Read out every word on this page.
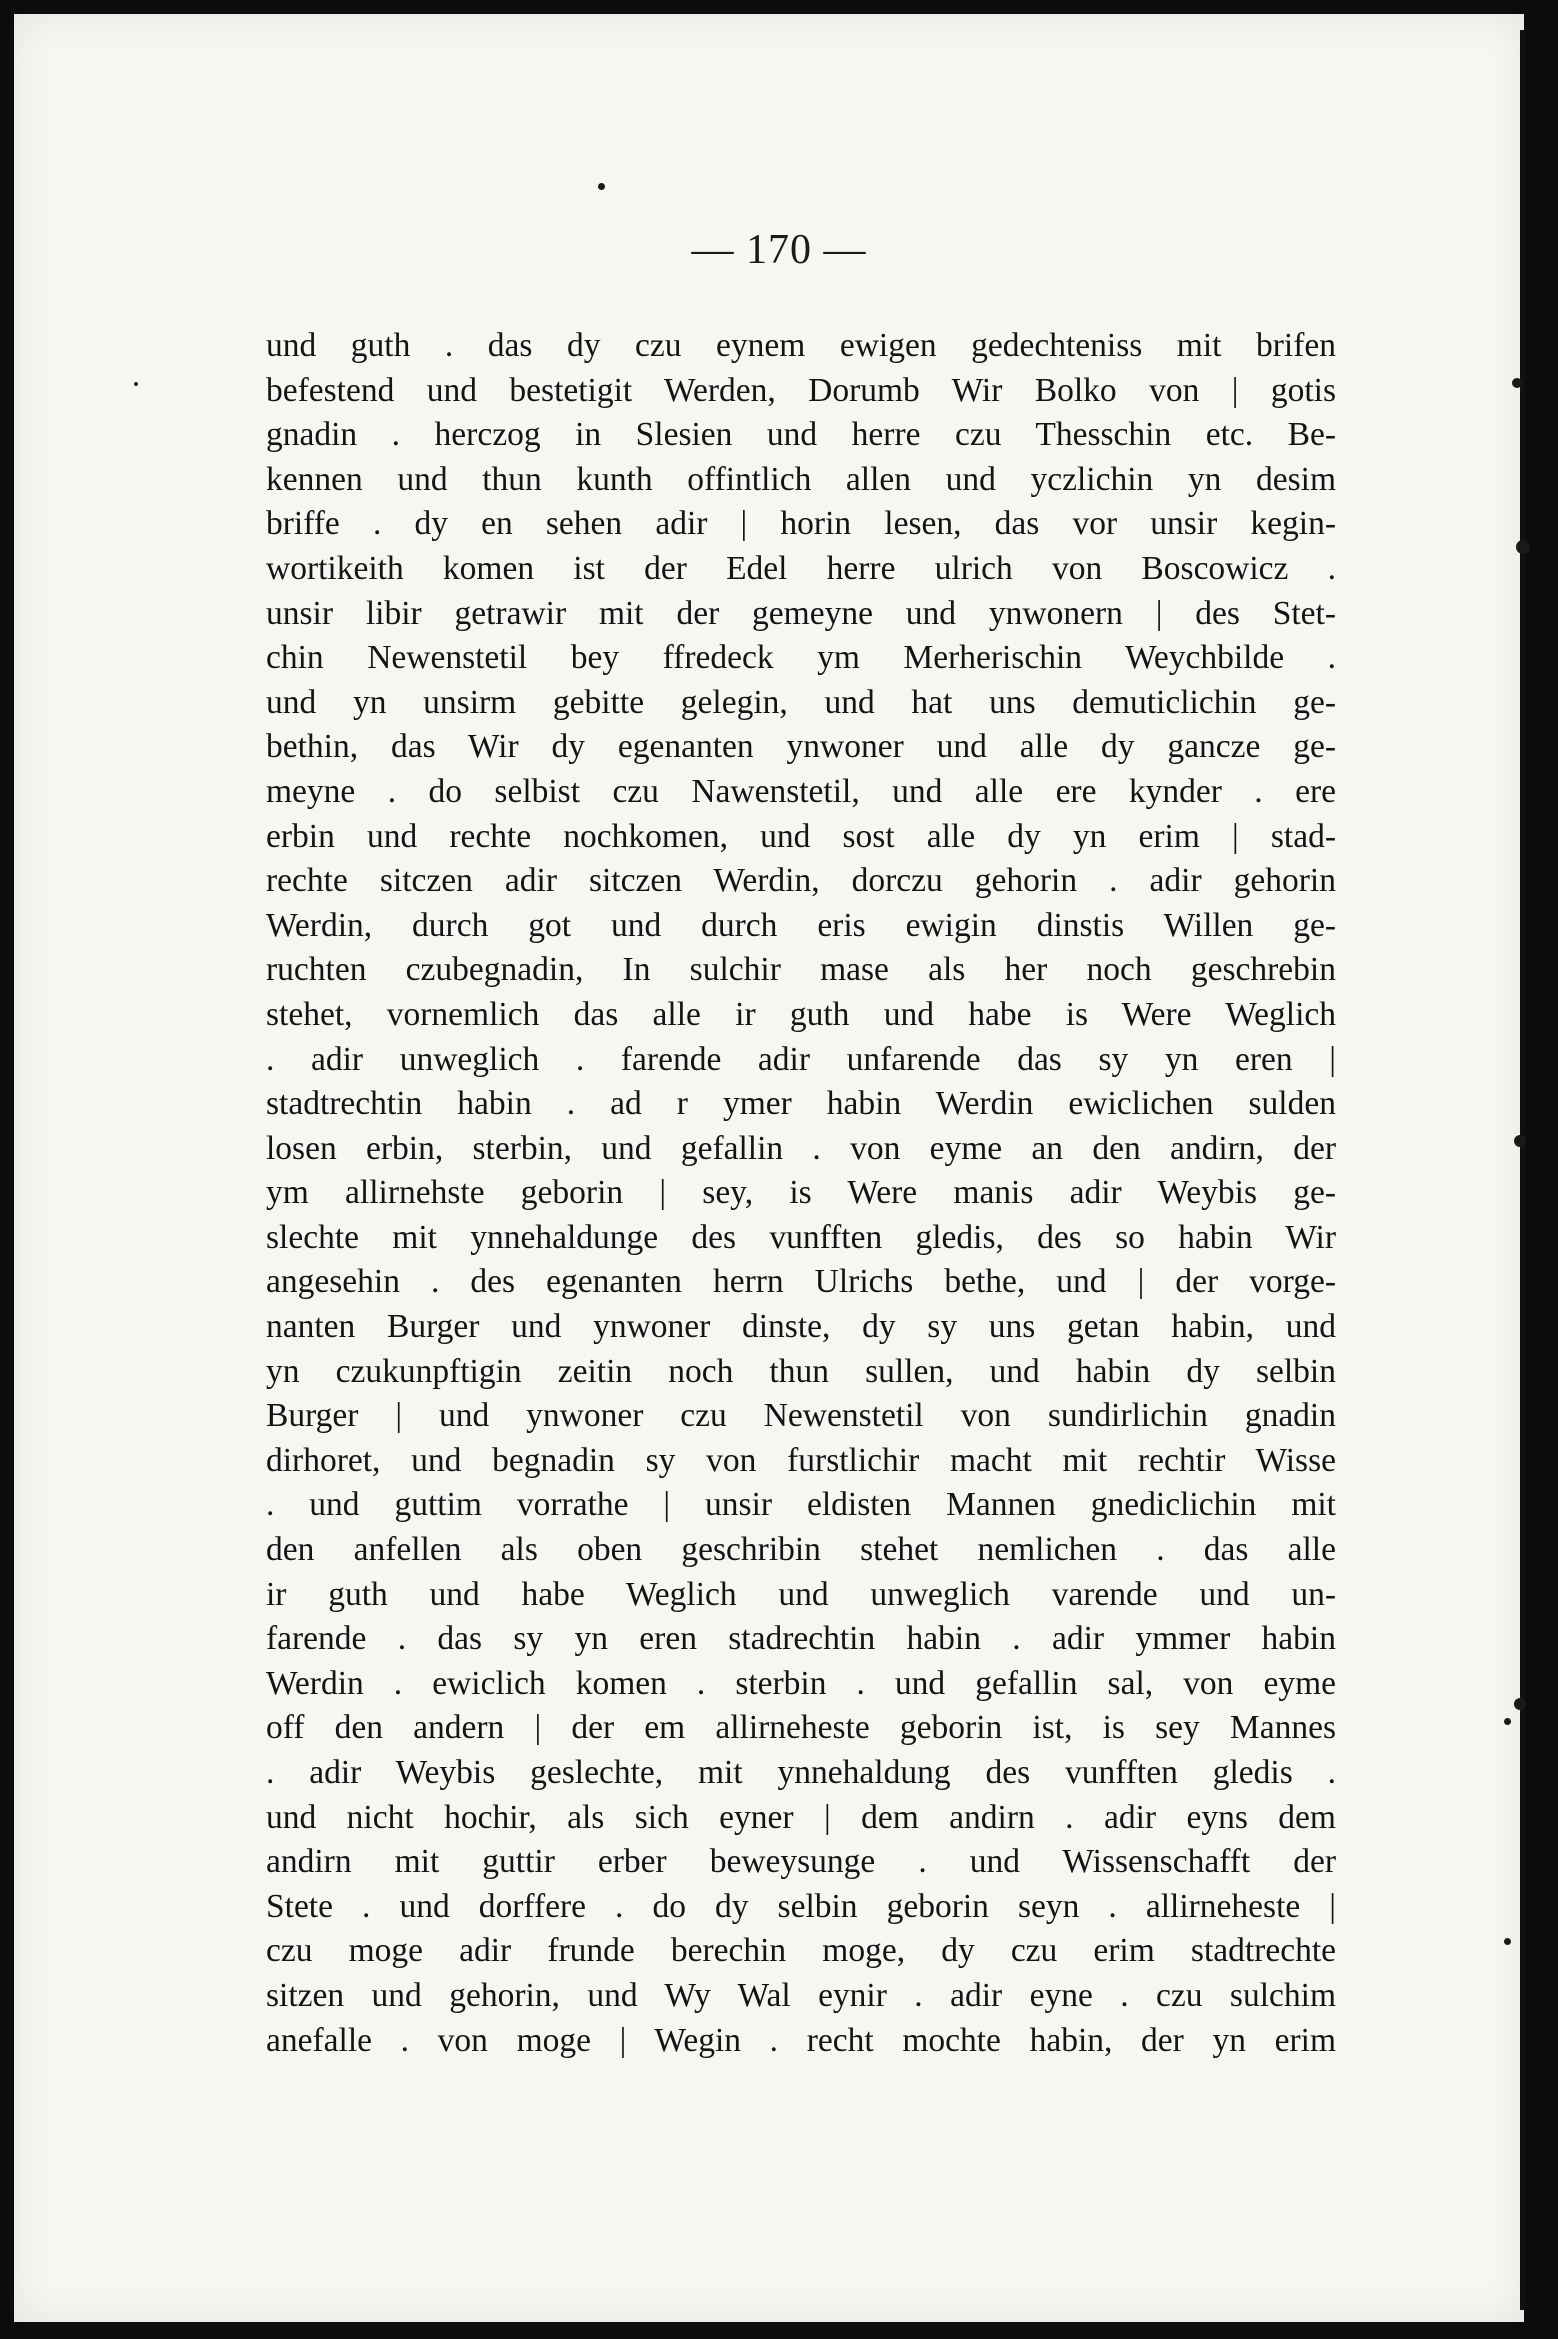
— 170 —
und guth . das dy czu eynem ewigen gedechteniss mit brifen
befestend und bestetigit Werden, Dorumb Wir Bolko von | gotis
gnadin . herczog in Slesien und herre czu Thesschin etc. Be-
kennen und thun kunth offintlich allen und yczlichin yn desim
briffe . dy en sehen adir | horin lesen, das vor unsir kegin-
wortikeith komen ist der Edel herre ulrich von Boscowicz .
unsir libir getrawir mit der gemeyne und ynwonern | des Stet-
chin Newenstetil bey ffredeck ym Merherischin Weychbilde .
und yn unsirm gebitte gelegin, und hat uns demuticlichin ge-
bethin, das Wir dy egenanten ynwoner und alle dy gancze ge-
meyne . do selbist czu Nawenstetil, und alle ere kynder . ere
erbin und rechte nochkomen, und sost alle dy yn erim | stad-
rechte sitczen adir sitczen Werdin, dorczu gehorin . adir gehorin
Werdin, durch got und durch eris ewigin dinstis Willen ge-
ruchten czubegnadin, In sulchir mase als her noch geschrebin
stehet, vornemlich das alle ir guth und habe is Were Weglich
. adir unweglich . farende adir unfarende das sy yn eren |
stadtrechtin habin . ad r ymer habin Werdin ewiclichen sulden
losen erbin, sterbin, und gefallin . von eyme an den andirn, der
ym allirnehste geborin | sey, is Were manis adir Weybis ge-
slechte mit ynnehaldunge des vunfften gledis, des so habin Wir
angesehin . des egenanten herrn Ulrichs bethe, und | der vorge-
nanten Burger und ynwoner dinste, dy sy uns getan habin, und
yn czukunpftigin zeitin noch thun sullen, und habin dy selbin
Burger | und ynwoner czu Newenstetil von sundirlichin gnadin
dirhoret, und begnadin sy von furstlichir macht mit rechtir Wisse
. und guttim vorrathe | unsir eldisten Mannen gnediclichin mit
den anfellen als oben geschribin stehet nemlichen . das alle
ir guth und habe Weglich und unweglich varende und un-
farende . das sy yn eren stadrechtin habin . adir ymmer habin
Werdin . ewiclich komen . sterbin . und gefallin sal, von eyme
off den andern | der em allirneheste geborin ist, is sey Mannes
. adir Weybis geslechte, mit ynnehaldung des vunfften gledis .
und nicht hochir, als sich eyner | dem andirn . adir eyns dem
andirn mit guttir erber beweysunge . und Wissenschafft der
Stete . und dorffere . do dy selbin geborin seyn . allirneheste |
czu moge adir frunde berechin moge, dy czu erim stadtrechte
sitzen und gehorin, und Wy Wal eynir . adir eyne . czu sulchim
anefalle . von moge | Wegin . recht mochte habin, der yn erim
